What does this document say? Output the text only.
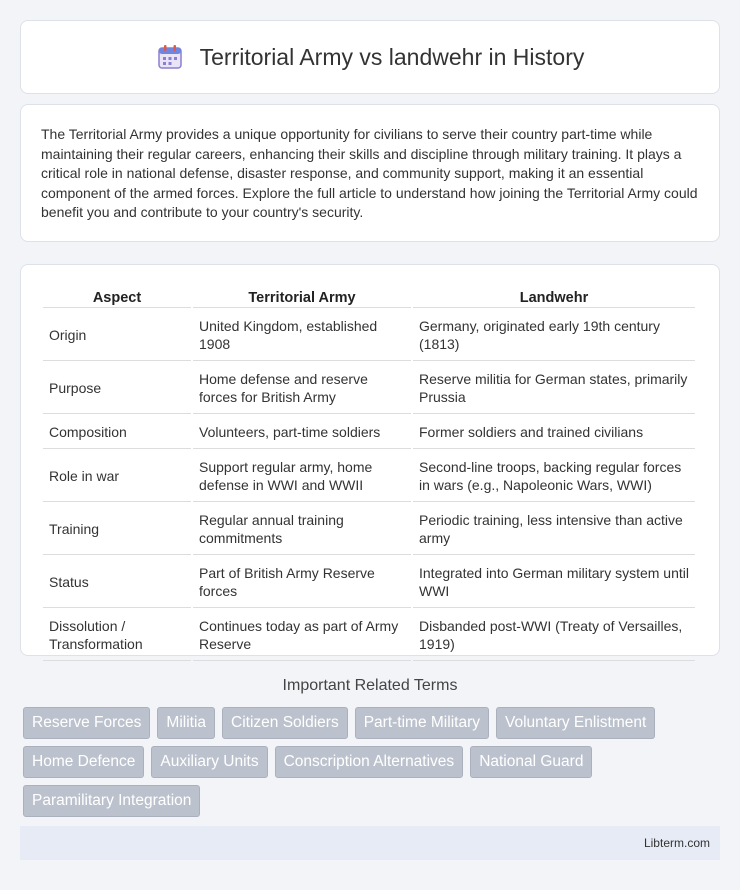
Territorial Army vs landwehr in History

The Territorial Army provides a unique opportunity for civilians to serve their country part-time while maintaining their regular careers, enhancing their skills and discipline through military training. It plays a critical role in national defense, disaster response, and community support, making it an essential component of the armed forces. Explore the full article to understand how joining the Territorial Army could benefit you and contribute to your country's security.

Aspect	Territorial Army	Landwehr
Origin	United Kingdom, established 1908	Germany, originated early 19th century (1813)
Purpose	Home defense and reserve forces for British Army	Reserve militia for German states, primarily Prussia
Composition	Volunteers, part-time soldiers	Former soldiers and trained civilians
Role in war	Support regular army, home defense in WWI and WWII	Second-line troops, backing regular forces in wars (e.g., Napoleonic Wars, WWI)
Training	Regular annual training commitments	Periodic training, less intensive than active army
Status	Part of British Army Reserve forces	Integrated into German military system until WWI
Dissolution / Transformation	Continues today as part of Army Reserve	Disbanded post-WWI (Treaty of Versailles, 1919)
Important Related Terms
Reserve Forces	Militia	Citizen Soldiers	Part-time Military	Voluntary Enlistment
Home Defence	Auxiliary Units	Conscription Alternatives	National Guard
Paramilitary Integration
Libterm.com
